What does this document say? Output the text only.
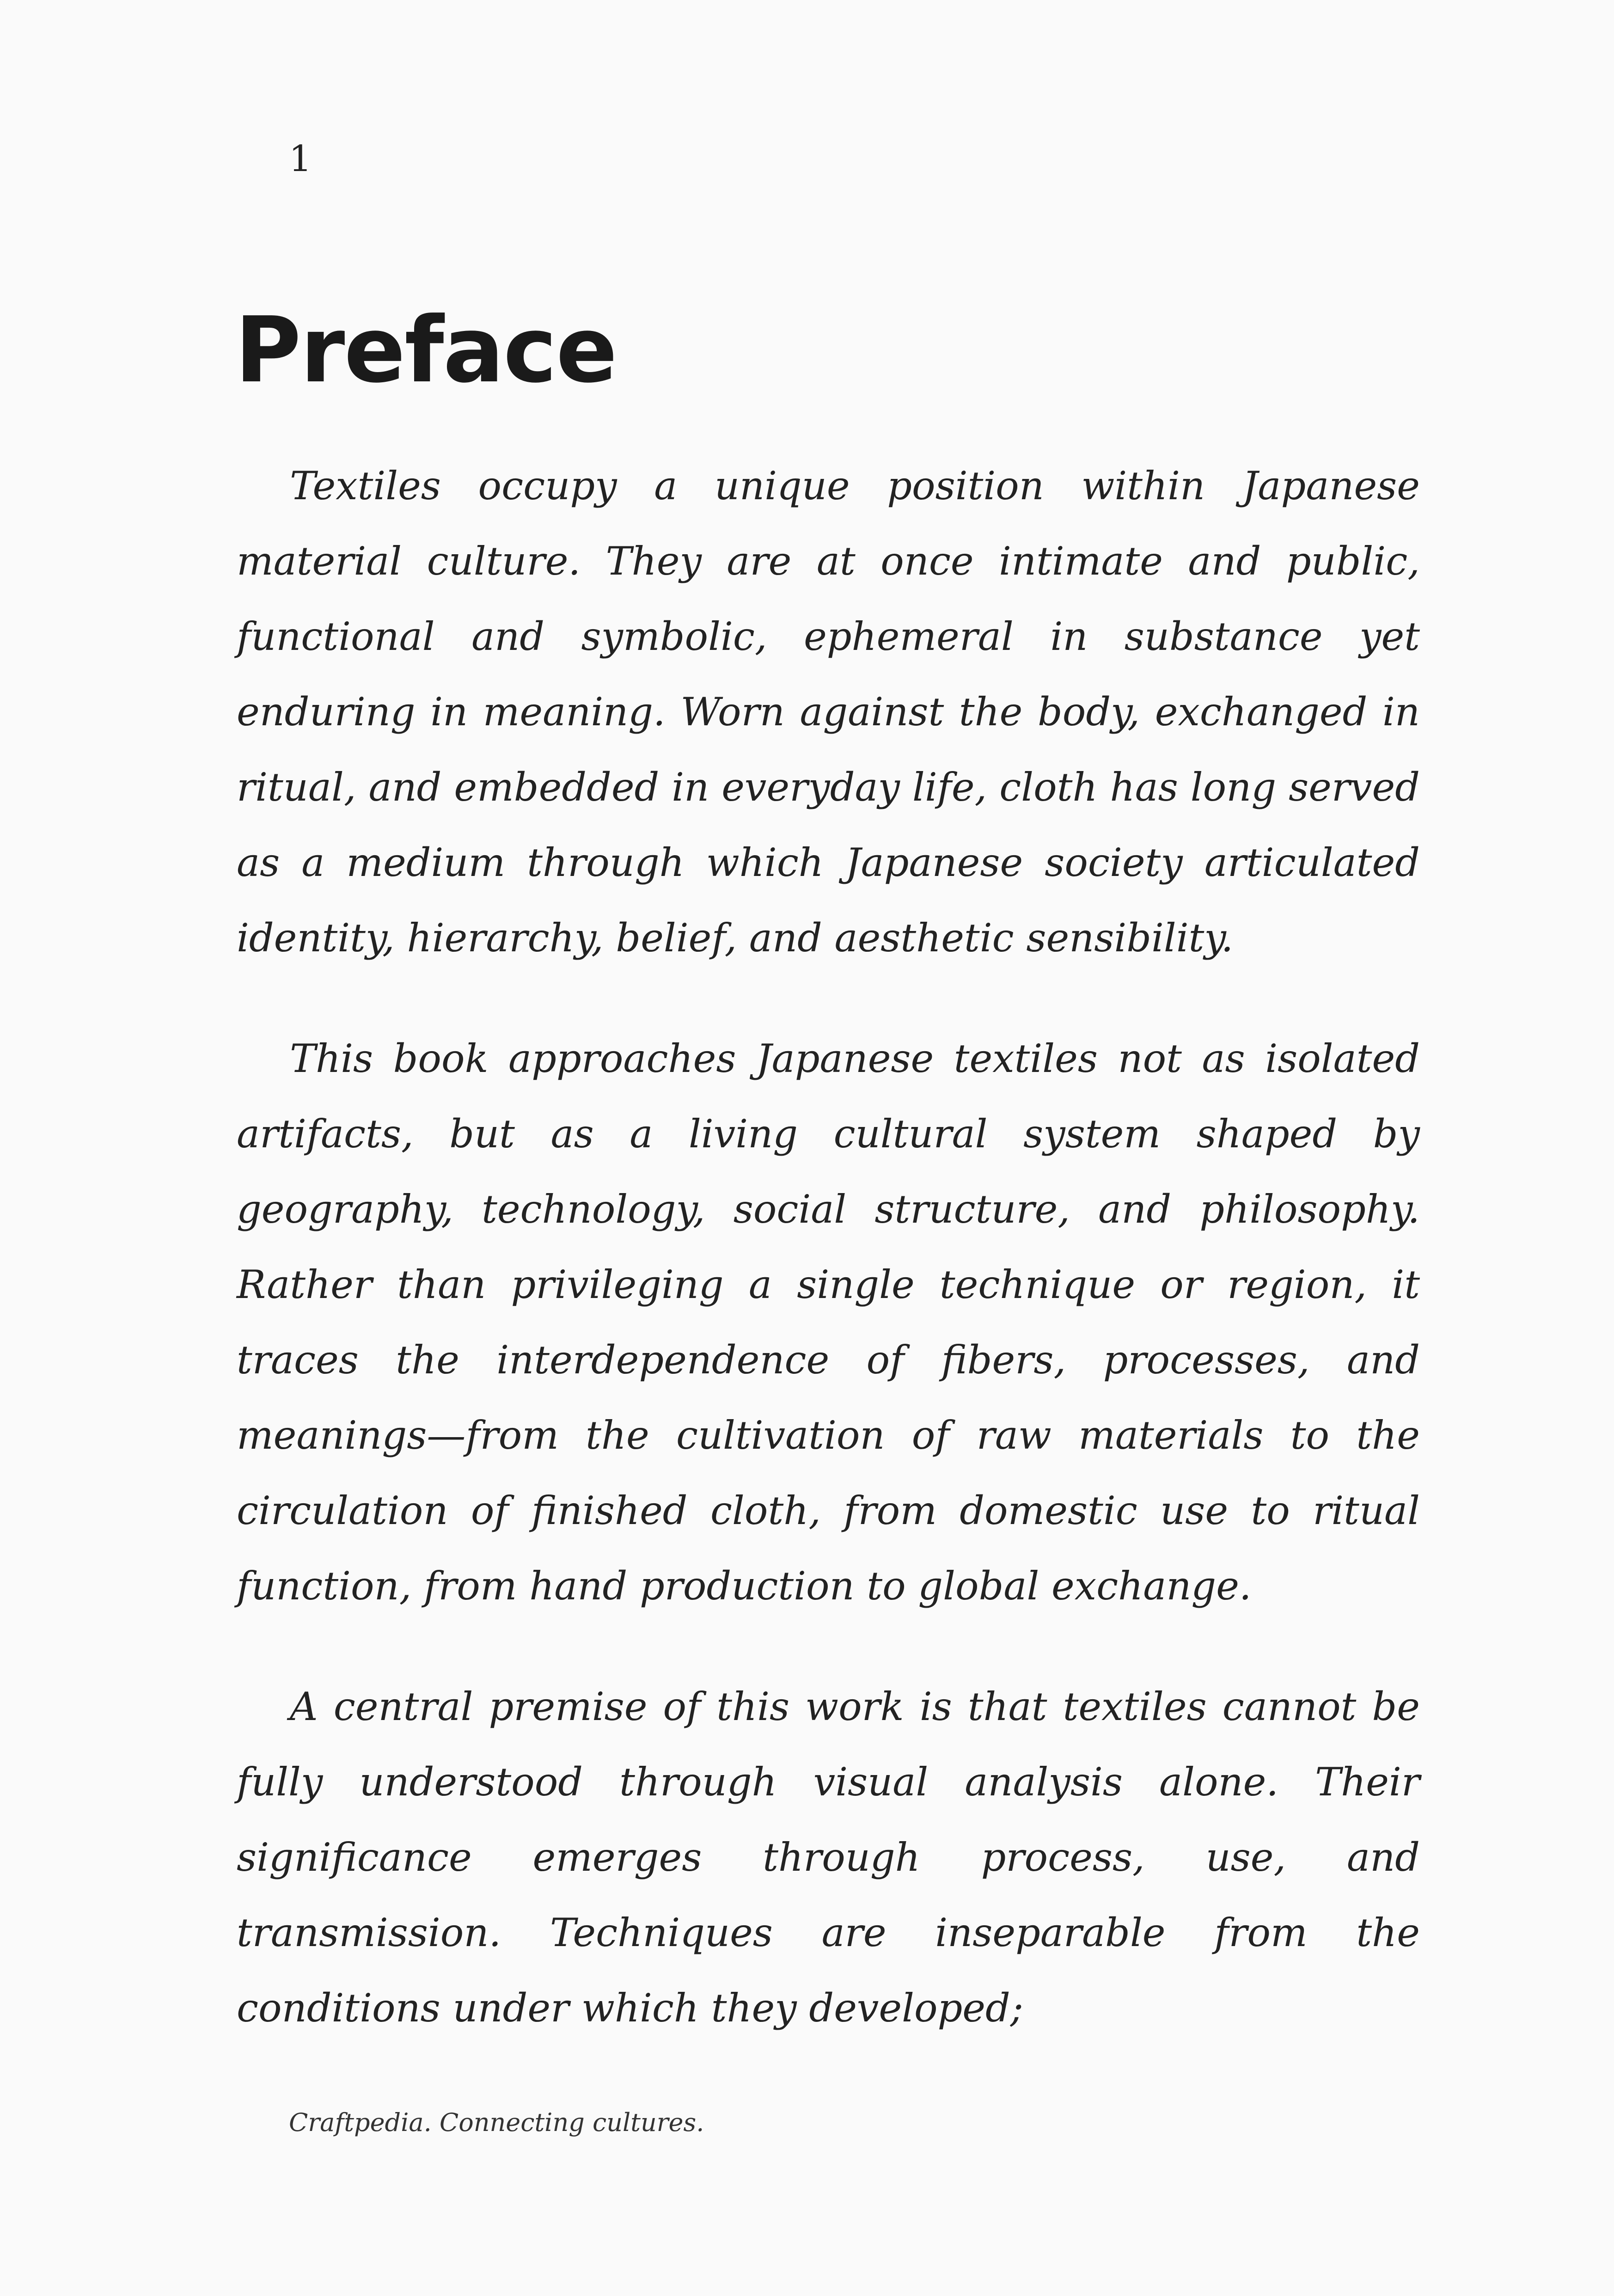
1
Preface

Textiles occupy a unique position within Japanese material culture. They are at once intimate and public, functional and symbolic, ephemeral in substance yet enduring in meaning. Worn against the body, exchanged in ritual, and embedded in everyday life, cloth has long served as a medium through which Japanese society articulated identity, hierarchy, belief, and aesthetic sensibility.

This book approaches Japanese textiles not as isolated artifacts, but as a living cultural system shaped by geography, technology, social structure, and philosophy. Rather than privileging a single technique or region, it traces the interdependence of fibers, processes, and meanings—from the cultivation of raw materials to the circulation of finished cloth, from domestic use to ritual function, from hand production to global exchange.

A central premise of this work is that textiles cannot be fully understood through visual analysis alone. Their significance emerges through process, use, and transmission. Techniques are inseparable from the conditions under which they developed;

Craftpedia. Connecting cultures.
